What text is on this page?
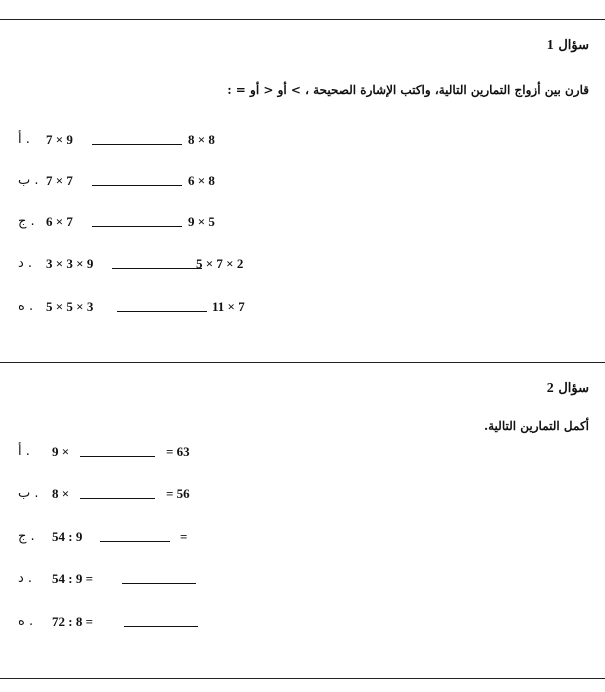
سؤال 1
قارن بين أزواج التمارين التالية، واكتب الإشارة الصحيحة ، > أو < أو = :
أ . 7 × 9	8 × 8
ب . 7 × 7	6 × 8
ج . 6 × 7	9 × 5
د . 3 × 3 × 9	5 × 7 × 2
ه . 5 × 5 × 3	11 × 7
سؤال 2
أكمل التمارين التالية.
أ . 9 ×	= 63
ب . 8 ×	= 56
ج . 54 : 9	=
د . 54 : 9 =
ه . 72 : 8 =
